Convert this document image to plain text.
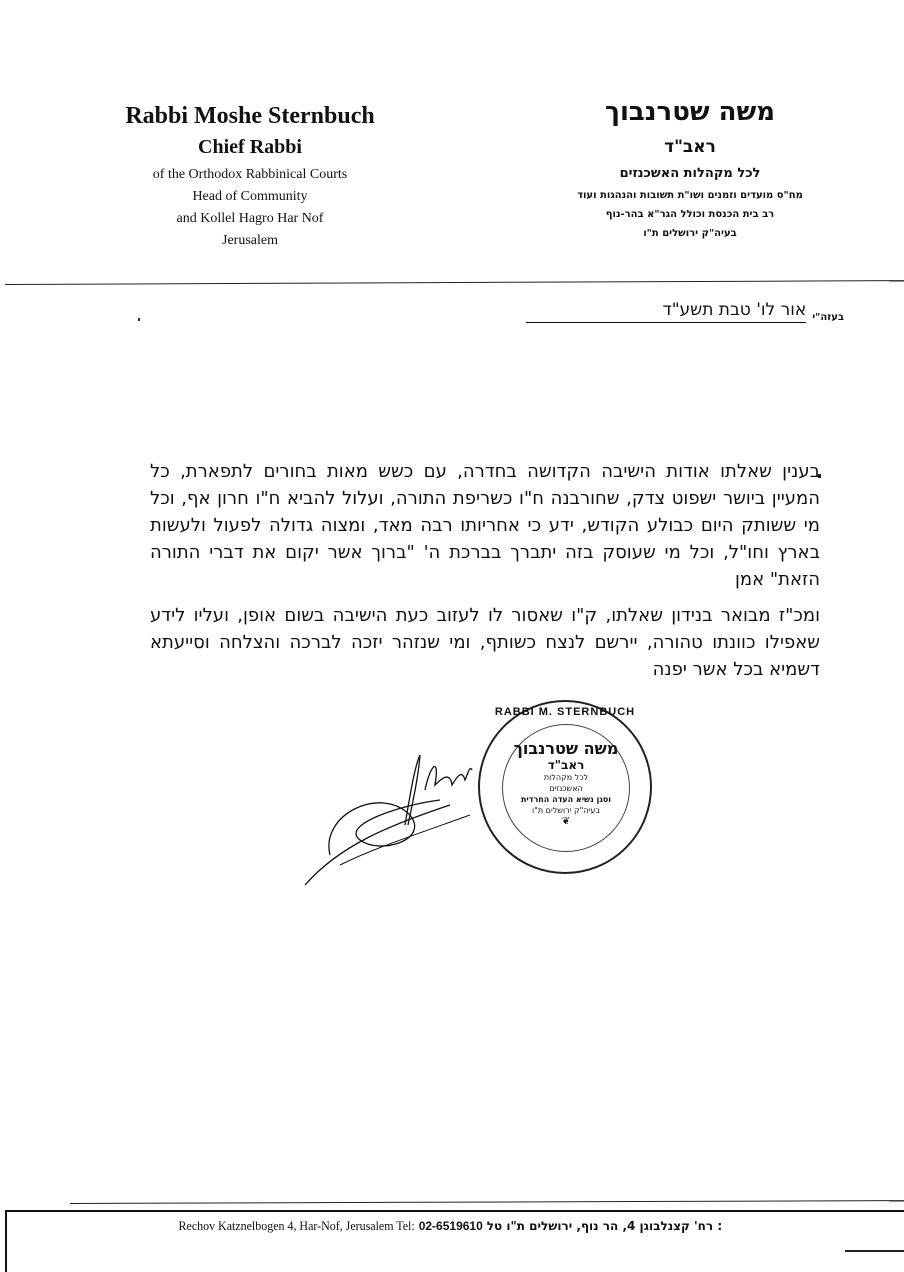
Rabbi Moshe Sternbuch
Chief Rabbi
of the Orthodox Rabbinical Courts
Head of Community
and Kollel Hagro Har Nof
Jerusalem
משה שטרנבוך
ראב"ד
לכל מקהלות האשכנזים
מח"ס מועדים וזמנים ושו"ת תשובות והנהגות ועוד
רב בית הכנסת וכולל הגר"א בהר-נוף
בעיה"ק ירושלים ת"ו
בעזה"י
אור לו' טבת תשע"ד

בענין שאלתו אודות הישיבה הקדושה בחדרה, עם כשש מאות בחורים לתפארת, כל המעיין ביושר ישפוט צדק, שחורבנה ח"ו כשריפת התורה, ועלול להביא ח"ו חרון אף, וכל מי ששותק היום כבולע הקודש, ידע כי אחריותו רבה מאד, ומצוה גדולה לפעול ולעשות בארץ וחו"ל, וכל מי שעוסק בזה יתברך בברכת ה' "ברוך אשר יקום את דברי התורה הזאת" אמן

ומכ"ז מבואר בנידון שאלתו, ק"ו שאסור לו לעזוב כעת הישיבה בשום אופן, ועליו לידע שאפילו כוונתו טהורה, יירשם לנצח כשותף, ומי שנזהר יזכה לברכה והצלחה וסייעתא דשמיא בכל אשר יפנה

RABBI M. STERNBUCH
משה שטרנבוך
ראב"ד
לכל מקהלות
האשכנזים
וסגן נשיא העדה החרדית
בעיה"ק ירושלים ת"ו
❦
Rechov Katznelbogen 4, Har-Nof, Jerusalem Tel: 02-6519610 : רח' קצנלבוגן 4, הר נוף, ירושלים ת"ו טל
